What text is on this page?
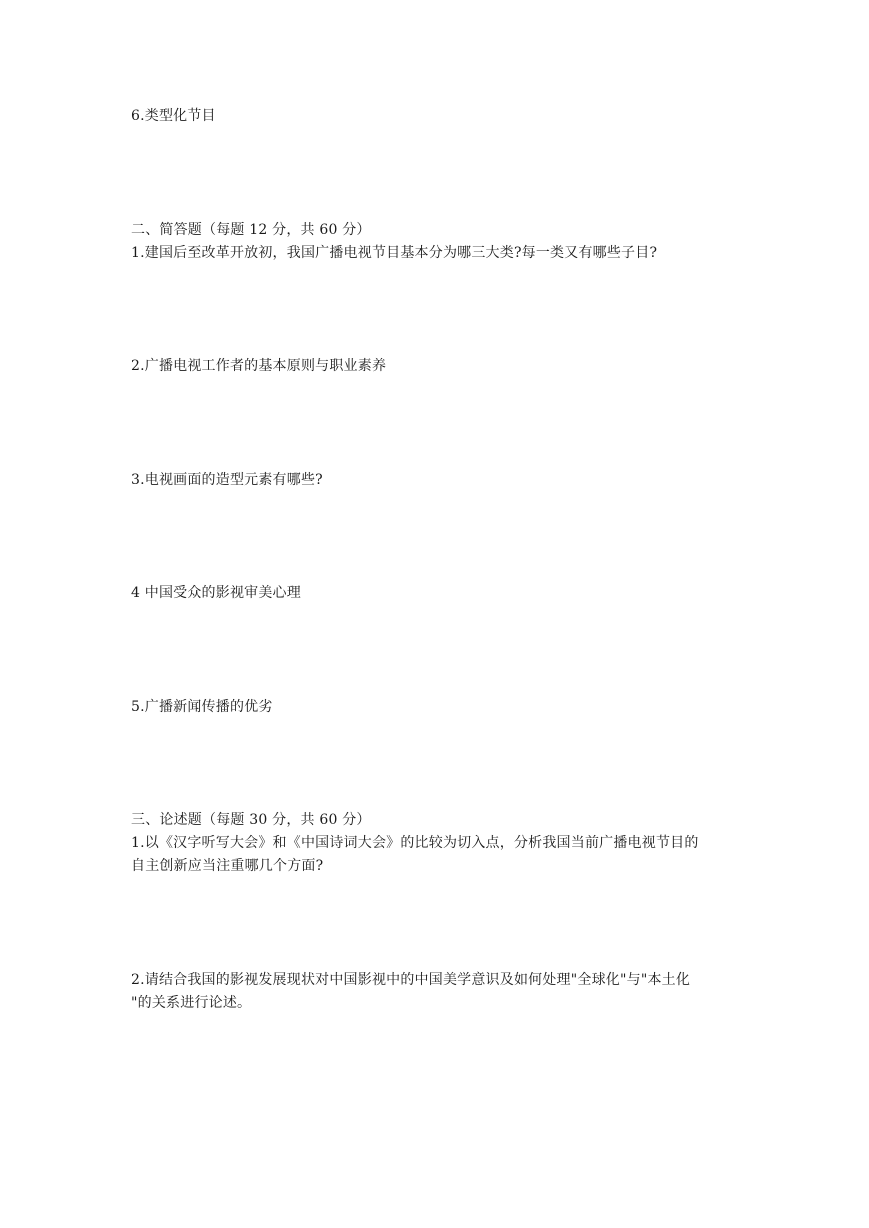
6.类型化节目
二、简答题（每题 12 分，共 60 分）
1.建国后至改革开放初，我国广播电视节目基本分为哪三大类?每一类又有哪些子目?
2.广播电视工作者的基本原则与职业素养
3.电视画面的造型元素有哪些?
4 中国受众的影视审美心理
5.广播新闻传播的优劣
三、论述题（每题 30 分，共 60 分）
1.以《汉字听写大会》和《中国诗词大会》的比较为切入点，分析我国当前广播电视节目的
自主创新应当注重哪几个方面?
2.请结合我国的影视发展现状对中国影视中的中国美学意识及如何处理"全球化"与"本土化
"的关系进行论述。
